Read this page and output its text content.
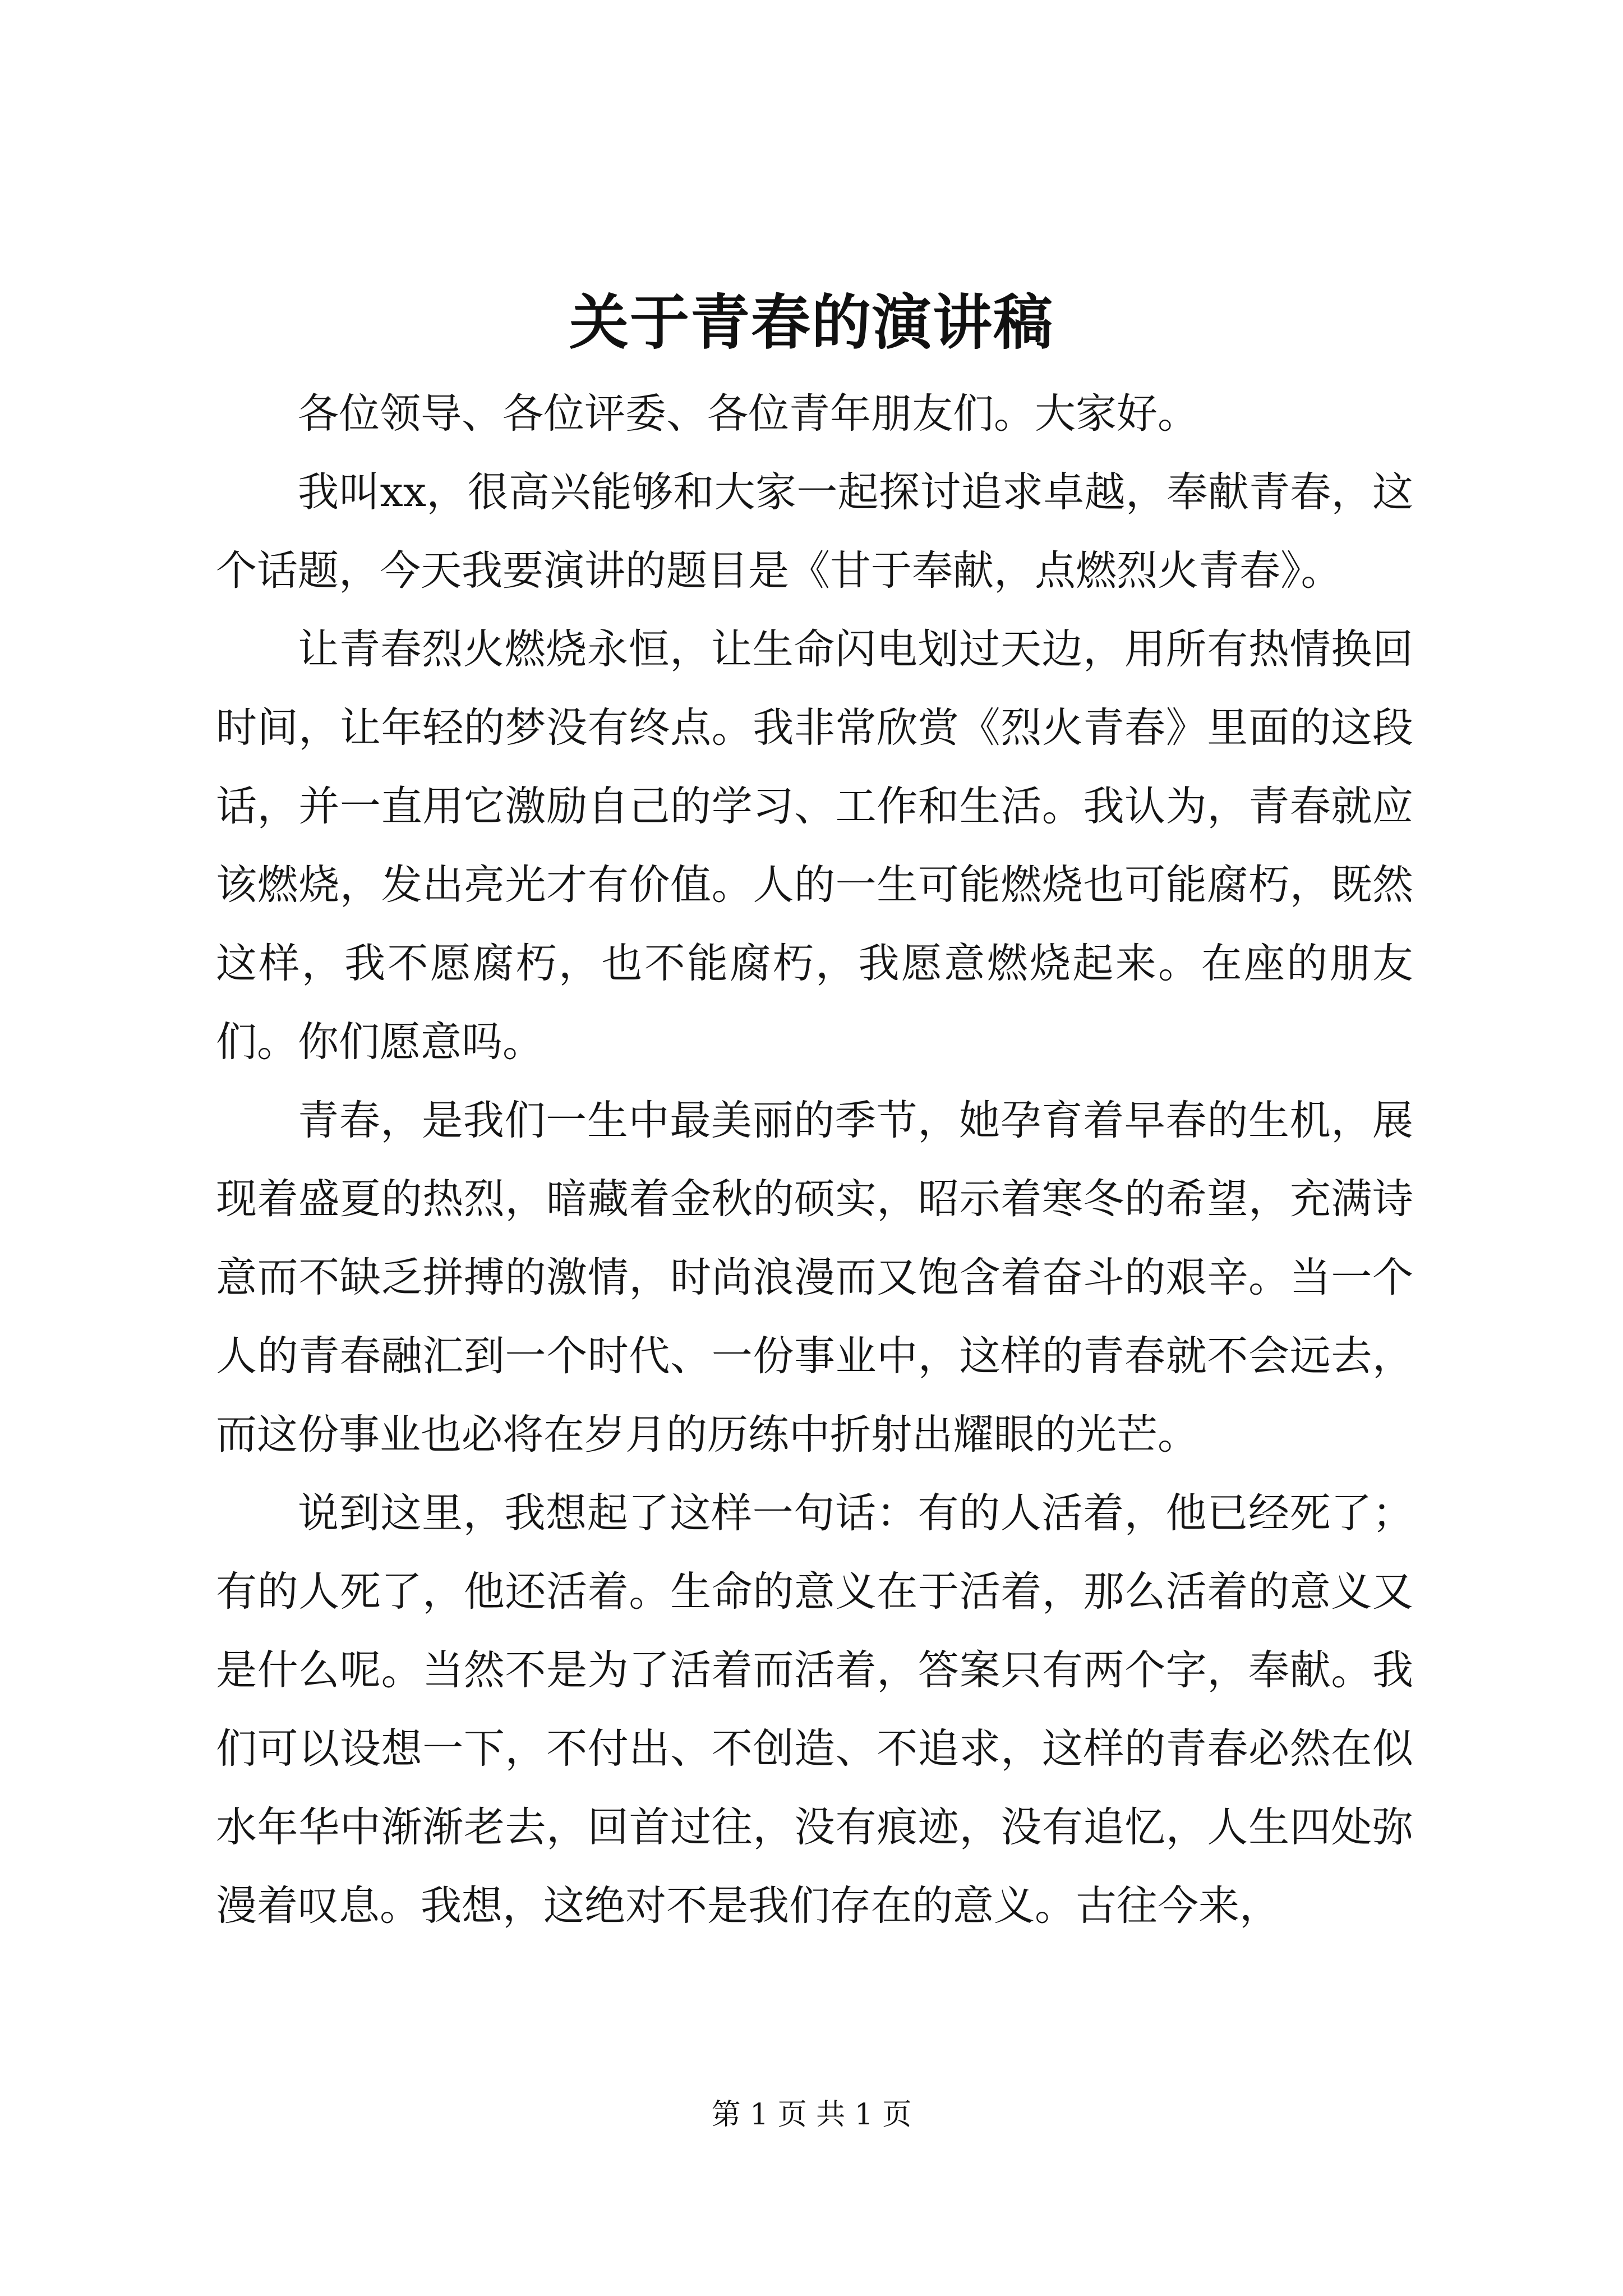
关于青春的演讲稿

各位领导、各位评委、各位青年朋友们。大家好。

我叫xx，很高兴能够和大家一起探讨追求卓越，奉献青春，这个话题，今天我要演讲的题目是《甘于奉献，点燃烈火青春》。

让青春烈火燃烧永恒，让生命闪电划过天边，用所有热情换回时间，让年轻的梦没有终点。我非常欣赏《烈火青春》里面的这段话，并一直用它激励自己的学习、工作和生活。我认为，青春就应该燃烧，发出亮光才有价值。人的一生可能燃烧也可能腐朽，既然这样，我不愿腐朽，也不能腐朽，我愿意燃烧起来。在座的朋友们。你们愿意吗。

青春，是我们一生中最美丽的季节，她孕育着早春的生机，展现着盛夏的热烈，暗藏着金秋的硕实，昭示着寒冬的希望，充满诗意而不缺乏拼搏的激情，时尚浪漫而又饱含着奋斗的艰辛。当一个人的青春融汇到一个时代、一份事业中，这样的青春就不会远去，而这份事业也必将在岁月的历练中折射出耀眼的光芒。

说到这里，我想起了这样一句话：有的人活着，他已经死了；有的人死了，他还活着。生命的意义在于活着，那么活着的意义又是什么呢。当然不是为了活着而活着，答案只有两个字，奉献。我们可以设想一下，不付出、不创造、不追求，这样的青春必然在似水年华中渐渐老去，回首过往，没有痕迹，没有追忆，人生四处弥漫着叹息。我想，这绝对不是我们存在的意义。古往今来，

第 1 页 共 1 页
